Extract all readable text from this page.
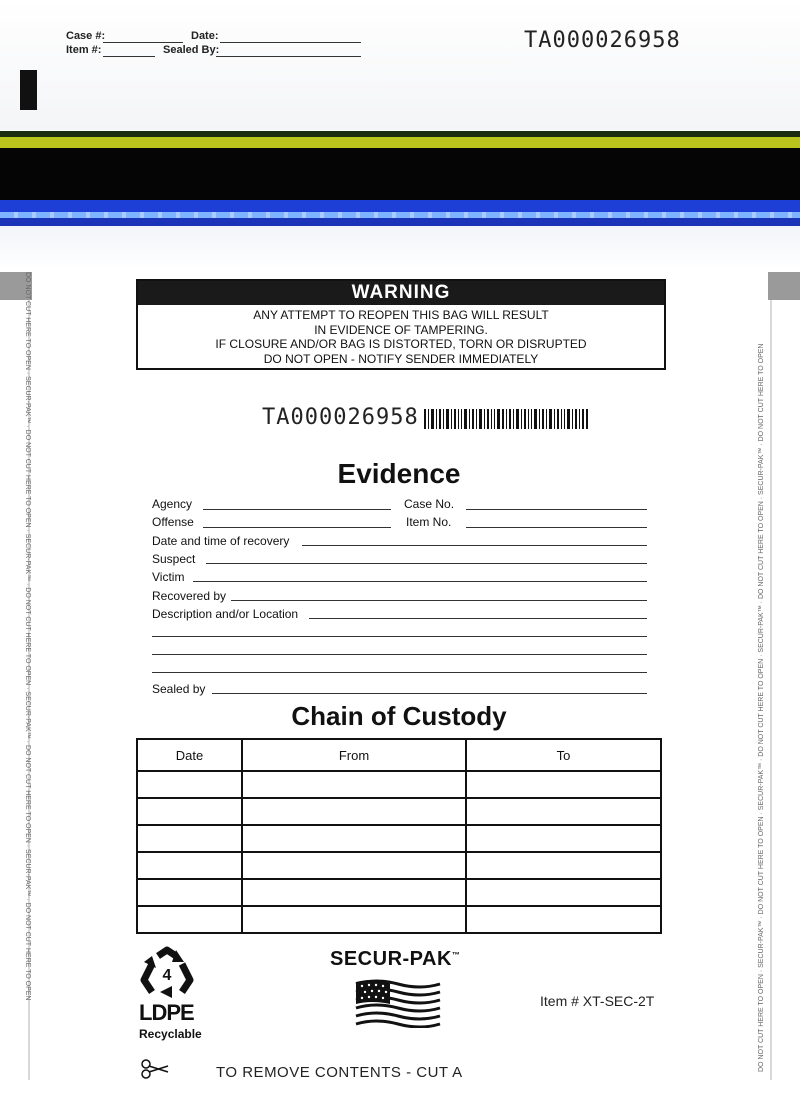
Case #:	Date:
Item #:	Sealed By:	TA000026958
DO NOT CUT HERE TO OPEN · SECUR-PAK™ · DO NOT CUT HERE TO OPEN · SECUR-PAK™ · DO NOT CUT HERE TO OPEN · SECUR-PAK™ · DO NOT CUT HERE TO OPEN · SECUR-PAK™ · DO NOT CUT HERE TO OPEN	DO NOT CUT HERE TO OPEN · SECUR-PAK™ · DO NOT CUT HERE TO OPEN · SECUR-PAK™ · DO NOT CUT HERE TO OPEN · SECUR-PAK™ · DO NOT CUT HERE TO OPEN · SECUR-PAK™ · DO NOT CUT HERE TO OPEN
WARNING
ANY ATTEMPT TO REOPEN THIS BAG WILL RESULT
IN EVIDENCE OF TAMPERING.
IF CLOSURE AND/OR BAG IS DISTORTED, TORN OR DISRUPTED
DO NOT OPEN - NOTIFY SENDER IMMEDIATELY
TA000026958
Evidence
Agency	Case No.
Offense	Item No.
Date and time of recovery
Suspect
Victim
Recovered by
Description and/or Location
Sealed by
Chain of Custody
Date	From	To

4
LDPE
Recyclable
SECUR-PAK™
Item # XT-SEC-2T
TO REMOVE CONTENTS - CUT A
